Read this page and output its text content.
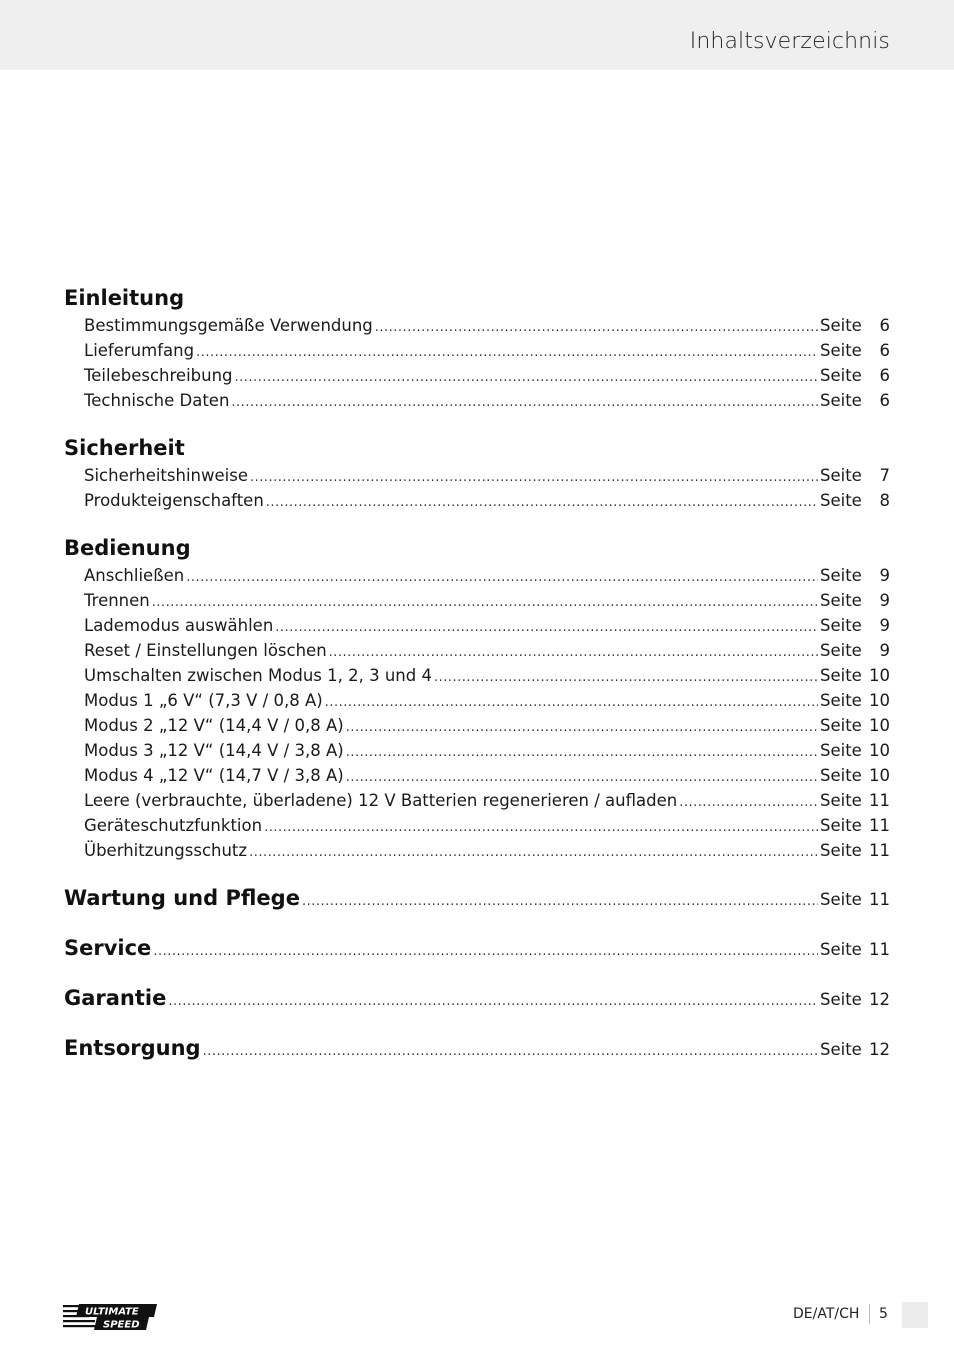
Inhaltsverzeichnis
Einleitung
Bestimmungsgemäße Verwendung .....	Seite	6
Lieferumfang .....	Seite	6
Teilebeschreibung .....	Seite	6
Technische Daten .....	Seite	6
Sicherheit
Sicherheitshinweise .....	Seite	7
Produkteigenschaften .....	Seite	8
Bedienung
Anschließen .....	Seite	9
Trennen .....	Seite	9
Lademodus auswählen .....	Seite	9
Reset / Einstellungen löschen .....	Seite	9
Umschalten zwischen Modus 1, 2, 3 und 4 .....	Seite 10
Modus 1 „6 V“ (7,3 V / 0,8 A) .....	Seite 10
Modus 2 „12 V“ (14,4 V / 0,8 A) .....	Seite 10
Modus 3 „12 V“ (14,4 V / 3,8 A) .....	Seite 10
Modus 4 „12 V“ (14,7 V / 3,8 A) .....	Seite 10
Leere (verbrauchte, überladene) 12 V Batterien regenerieren / aufladen .....	Seite 11
Geräteschutzfunktion .....	Seite 11
Überhitzungsschutz .....	Seite 11
Wartung und Pflege .....	Seite 11
Service .....	Seite 11
Garantie .....	Seite 12
Entsorgung .....	Seite 12
ULTIMATE
SPEED
DE/AT/CH 5
